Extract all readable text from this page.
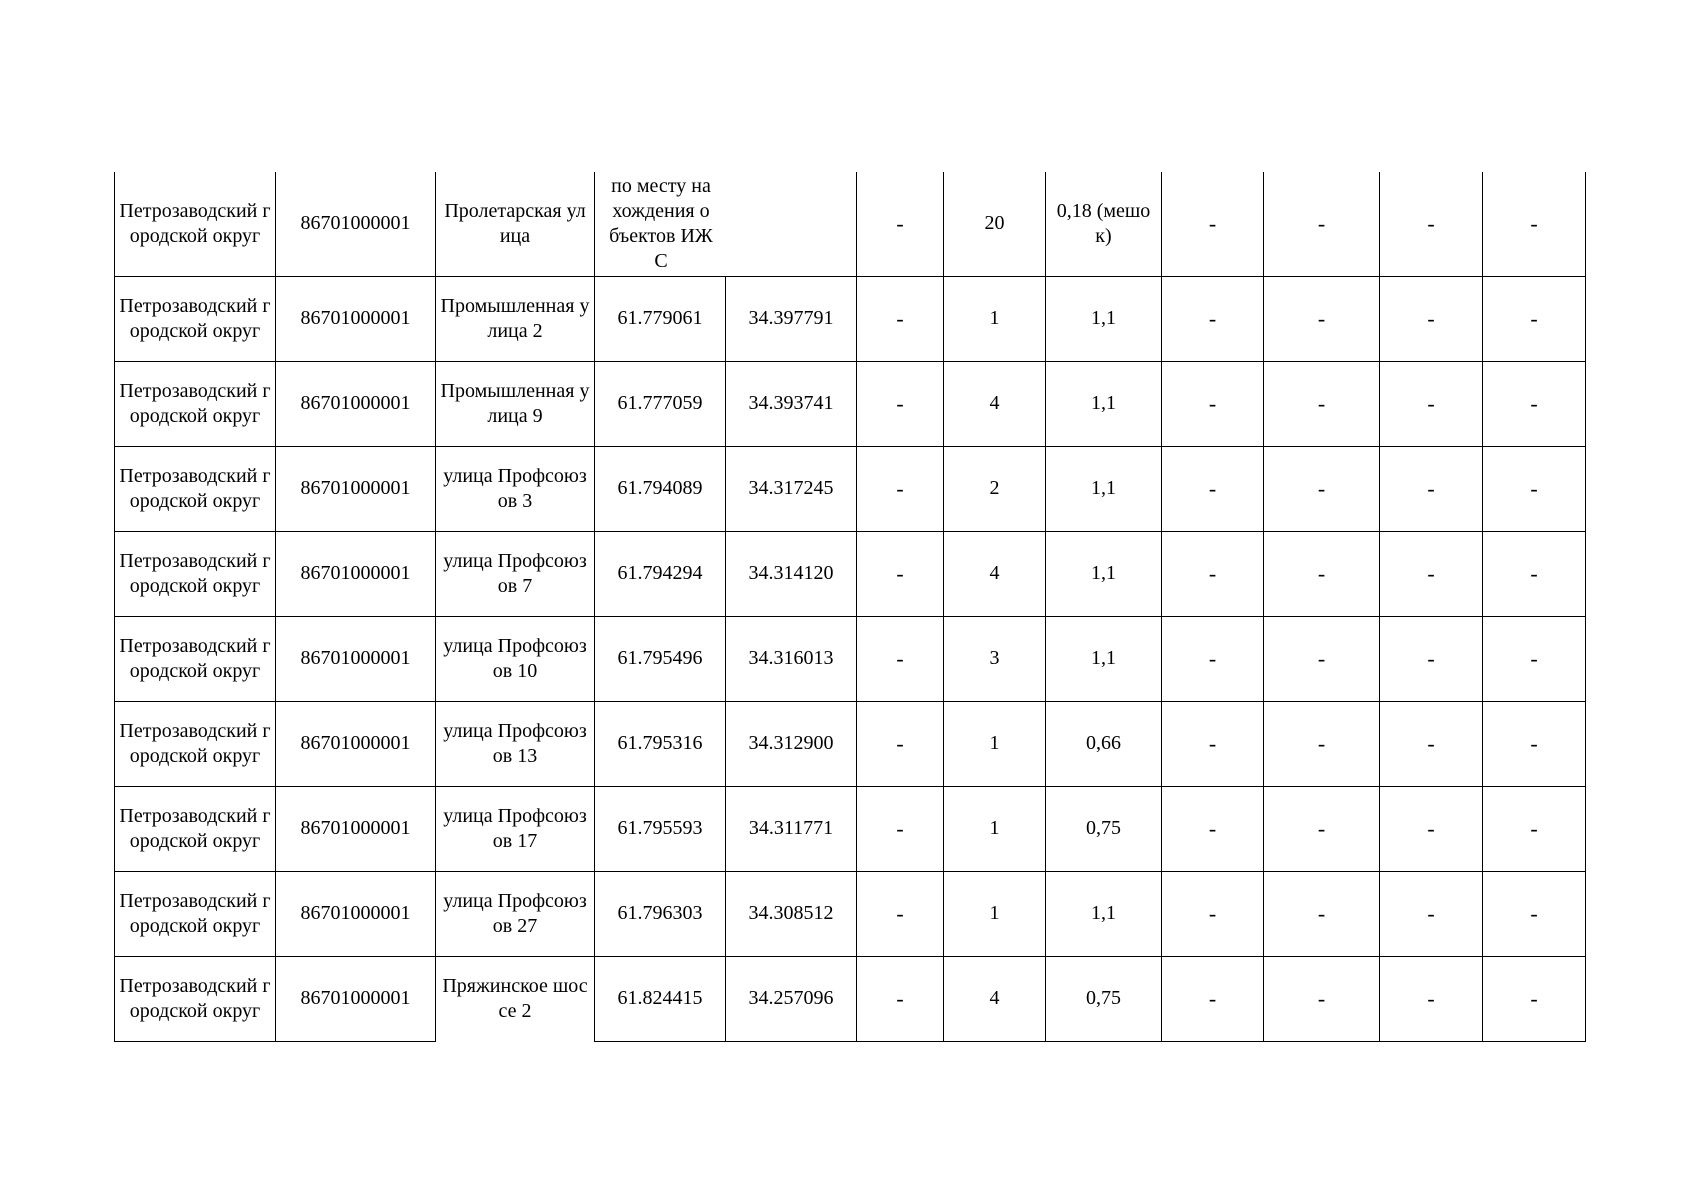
Петрозаводский городской округ	86701000001	Пролетарская улица	по месту нахождения объектов ИЖС		-	20	0,18 (мешок)	-	-	-	-
Петрозаводский городской округ	86701000001	Промышленная улица 2	61.779061	34.397791	-	1	1,1	-	-	-	-
Петрозаводский городской округ	86701000001	Промышленная улица 9	61.777059	34.393741	-	4	1,1	-	-	-	-
Петрозаводский городской округ	86701000001	улица Профсоюзов 3	61.794089	34.317245	-	2	1,1	-	-	-	-
Петрозаводский городской округ	86701000001	улица Профсоюзов 7	61.794294	34.314120	-	4	1,1	-	-	-	-
Петрозаводский городской округ	86701000001	улица Профсоюзов 10	61.795496	34.316013	-	3	1,1	-	-	-	-
Петрозаводский городской округ	86701000001	улица Профсоюзов 13	61.795316	34.312900	-	1	0,66	-	-	-	-
Петрозаводский городской округ	86701000001	улица Профсоюзов 17	61.795593	34.311771	-	1	0,75	-	-	-	-
Петрозаводский городской округ	86701000001	улица Профсоюзов 27	61.796303	34.308512	-	1	1,1	-	-	-	-
Петрозаводский городской округ	86701000001	Пряжинское шоссе 2	61.824415	34.257096	-	4	0,75	-	-	-	-
